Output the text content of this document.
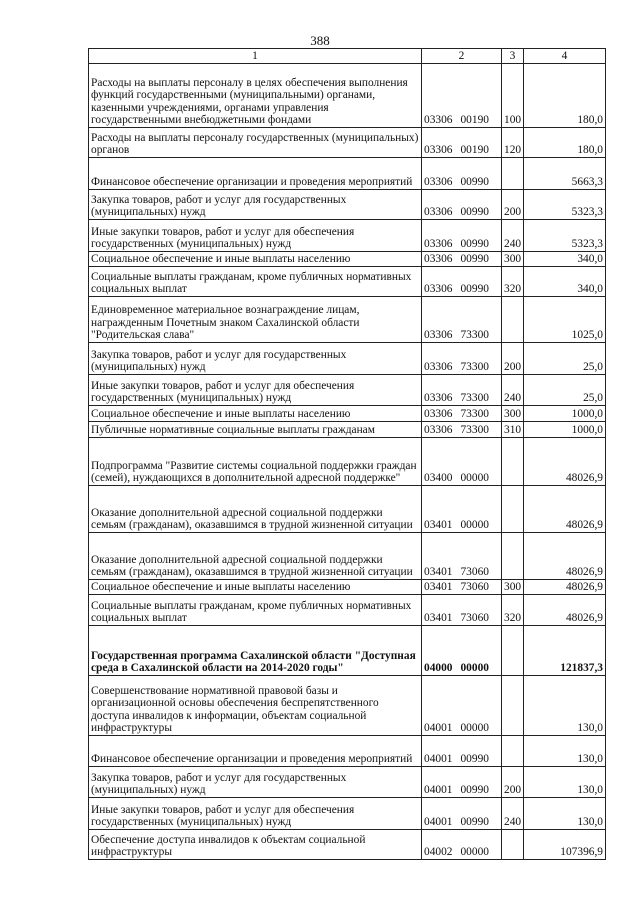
388
1	2	3	4
Расходы на выплаты персоналу в целях обеспечения выполнения функций государственными (муниципальными) органами, казенными учреждениями, органами управления государственными внебюджетными фондами	03306 00190	100	180,0
Расходы на выплаты персоналу государственных (муниципальных) органов	03306 00190	120	180,0
Финансовое обеспечение организации и проведения мероприятий	03306 00990		5663,3
Закупка товаров, работ и услуг для государственных (муниципальных) нужд	03306 00990	200	5323,3
Иные закупки товаров, работ и услуг для обеспечения государственных (муниципальных) нужд	03306 00990	240	5323,3
Социальное обеспечение и иные выплаты населению	03306 00990	300	340,0
Социальные выплаты гражданам, кроме публичных нормативных социальных выплат	03306 00990	320	340,0
Единовременное материальное вознаграждение лицам, награжденным Почетным знаком Сахалинской области "Родительская слава"	03306 73300		1025,0
Закупка товаров, работ и услуг для государственных (муниципальных) нужд	03306 73300	200	25,0
Иные закупки товаров, работ и услуг для обеспечения государственных (муниципальных) нужд	03306 73300	240	25,0
Социальное обеспечение и иные выплаты населению	03306 73300	300	1000,0
Публичные нормативные социальные выплаты гражданам	03306 73300	310	1000,0
Подпрограмма "Развитие системы социальной поддержки граждан (семей), нуждающихся в дополнительной адресной поддержке"	03400 00000		48026,9
Оказание дополнительной адресной социальной поддержки семьям (гражданам), оказавшимся в трудной жизненной ситуации	03401 00000		48026,9
Оказание дополнительной адресной социальной поддержки семьям (гражданам), оказавшимся в трудной жизненной ситуации	03401 73060		48026,9
Социальное обеспечение и иные выплаты населению	03401 73060	300	48026,9
Социальные выплаты гражданам, кроме публичных нормативных социальных выплат	03401 73060	320	48026,9
Государственная программа Сахалинской области "Доступная среда в Сахалинской области на 2014-2020 годы"	04000 00000		121837,3
Совершенствование нормативной правовой базы и организационной основы обеспечения беспрепятственного доступа инвалидов к информации, объектам социальной инфраструктуры	04001 00000		130,0
Финансовое обеспечение организации и проведения мероприятий	04001 00990		130,0
Закупка товаров, работ и услуг для государственных (муниципальных) нужд	04001 00990	200	130,0
Иные закупки товаров, работ и услуг для обеспечения государственных (муниципальных) нужд	04001 00990	240	130,0
Обеспечение доступа инвалидов к объектам социальной инфраструктуры	04002 00000		107396,9
